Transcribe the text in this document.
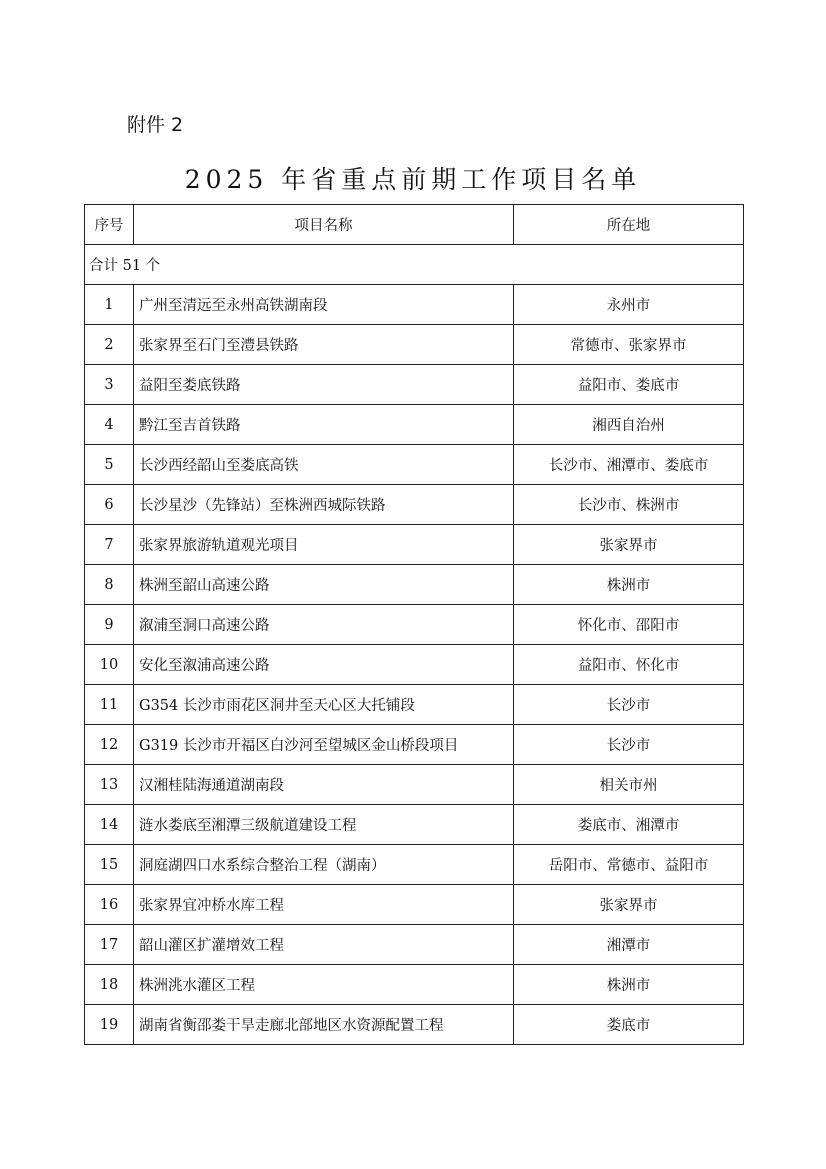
附件 2
2025 年省重点前期工作项目名单
序号	项目名称	所在地
合计 51 个		
1	广州至清远至永州高铁湖南段	永州市
2	张家界至石门至澧县铁路	常德市、张家界市
3	益阳至娄底铁路	益阳市、娄底市
4	黔江至吉首铁路	湘西自治州
5	长沙西经韶山至娄底高铁	长沙市、湘潭市、娄底市
6	长沙星沙（先锋站）至株洲西城际铁路	长沙市、株洲市
7	张家界旅游轨道观光项目	张家界市
8	株洲至韶山高速公路	株洲市
9	溆浦至洞口高速公路	怀化市、邵阳市
10	安化至溆浦高速公路	益阳市、怀化市
11	G354 长沙市雨花区洞井至天心区大托铺段	长沙市
12	G319 长沙市开福区白沙河至望城区金山桥段项目	长沙市
13	汉湘桂陆海通道湖南段	相关市州
14	涟水娄底至湘潭三级航道建设工程	娄底市、湘潭市
15	洞庭湖四口水系综合整治工程（湖南）	岳阳市、常德市、益阳市
16	张家界宜冲桥水库工程	张家界市
17	韶山灌区扩灌增效工程	湘潭市
18	株洲洮水灌区工程	株洲市
19	湖南省衡邵娄干旱走廊北部地区水资源配置工程	娄底市
